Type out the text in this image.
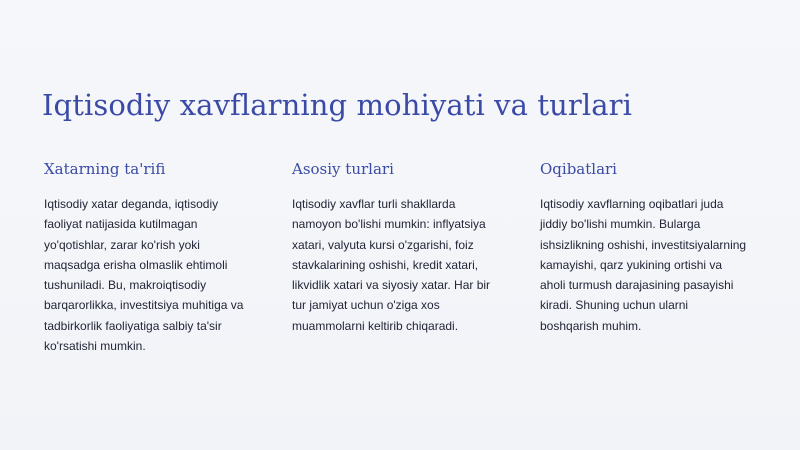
Iqtisodiy xavflarning mohiyati va turlari
Xatarning ta'rifi

Iqtisodiy xatar deganda, iqtisodiy faoliyat natijasida kutilmagan yo'qotishlar, zarar ko'rish yoki maqsadga erisha olmaslik ehtimoli tushuniladi. Bu, makroiqtisodiy barqarorlikka, investitsiya muhitiga va tadbirkorlik faoliyatiga salbiy ta'sir ko'rsatishi mumkin.

Asosiy turlari

Iqtisodiy xavflar turli shakllarda namoyon bo'lishi mumkin: inflyatsiya xatari, valyuta kursi o'zgarishi, foiz stavkalarining oshishi, kredit xatari, likvidlik xatari va siyosiy xatar. Har bir tur jamiyat uchun o'ziga xos muammolarni keltirib chiqaradi.

Oqibatlari

Iqtisodiy xavflarning oqibatlari juda jiddiy bo'lishi mumkin. Bularga ishsizlikning oshishi, investitsiyalarning kamayishi, qarz yukining ortishi va aholi turmush darajasining pasayishi kiradi. Shuning uchun ularni boshqarish muhim.
